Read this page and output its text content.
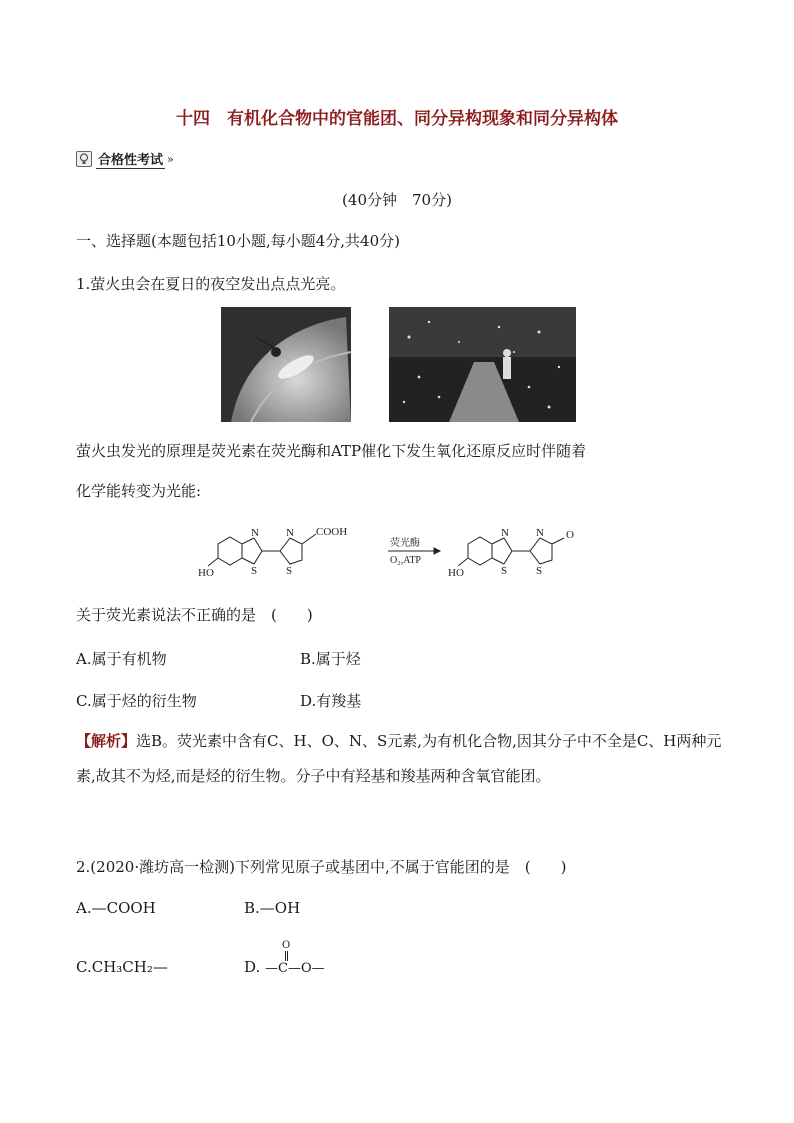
十四　有机化合物中的官能团、同分异构现象和同分异构体
合格性考试 »
(40分钟　70分)
一、选择题(本题包括10小题,每小题4分,共40分)
1.萤火虫会在夏日的夜空发出点点光亮。
萤火虫发光的原理是荧光素在荧光酶和ATP催化下发生氧化还原反应时伴随着
化学能转变为光能:
HO
N
S
N
S
COOH
荧光酶
O₂,ATP
HO
N
S
N
S
O
关于荧光素说法不正确的是　(　　)
A.属于有机物	B.属于烃
C.属于烃的衍生物	D.有羧基
【解析】选B。荧光素中含有C、H、O、N、S元素,为有机化合物,因其分子中不全是C、H两种元素,故其不为烃,而是烃的衍生物。分子中有羟基和羧基两种含氧官能团。
2.(2020·潍坊高一检测)下列常见原子或基团中,不属于官能团的是　(　　)
A.—COOH	B.—OH
C.CH₃CH₂—	D.
O
—C—O—
